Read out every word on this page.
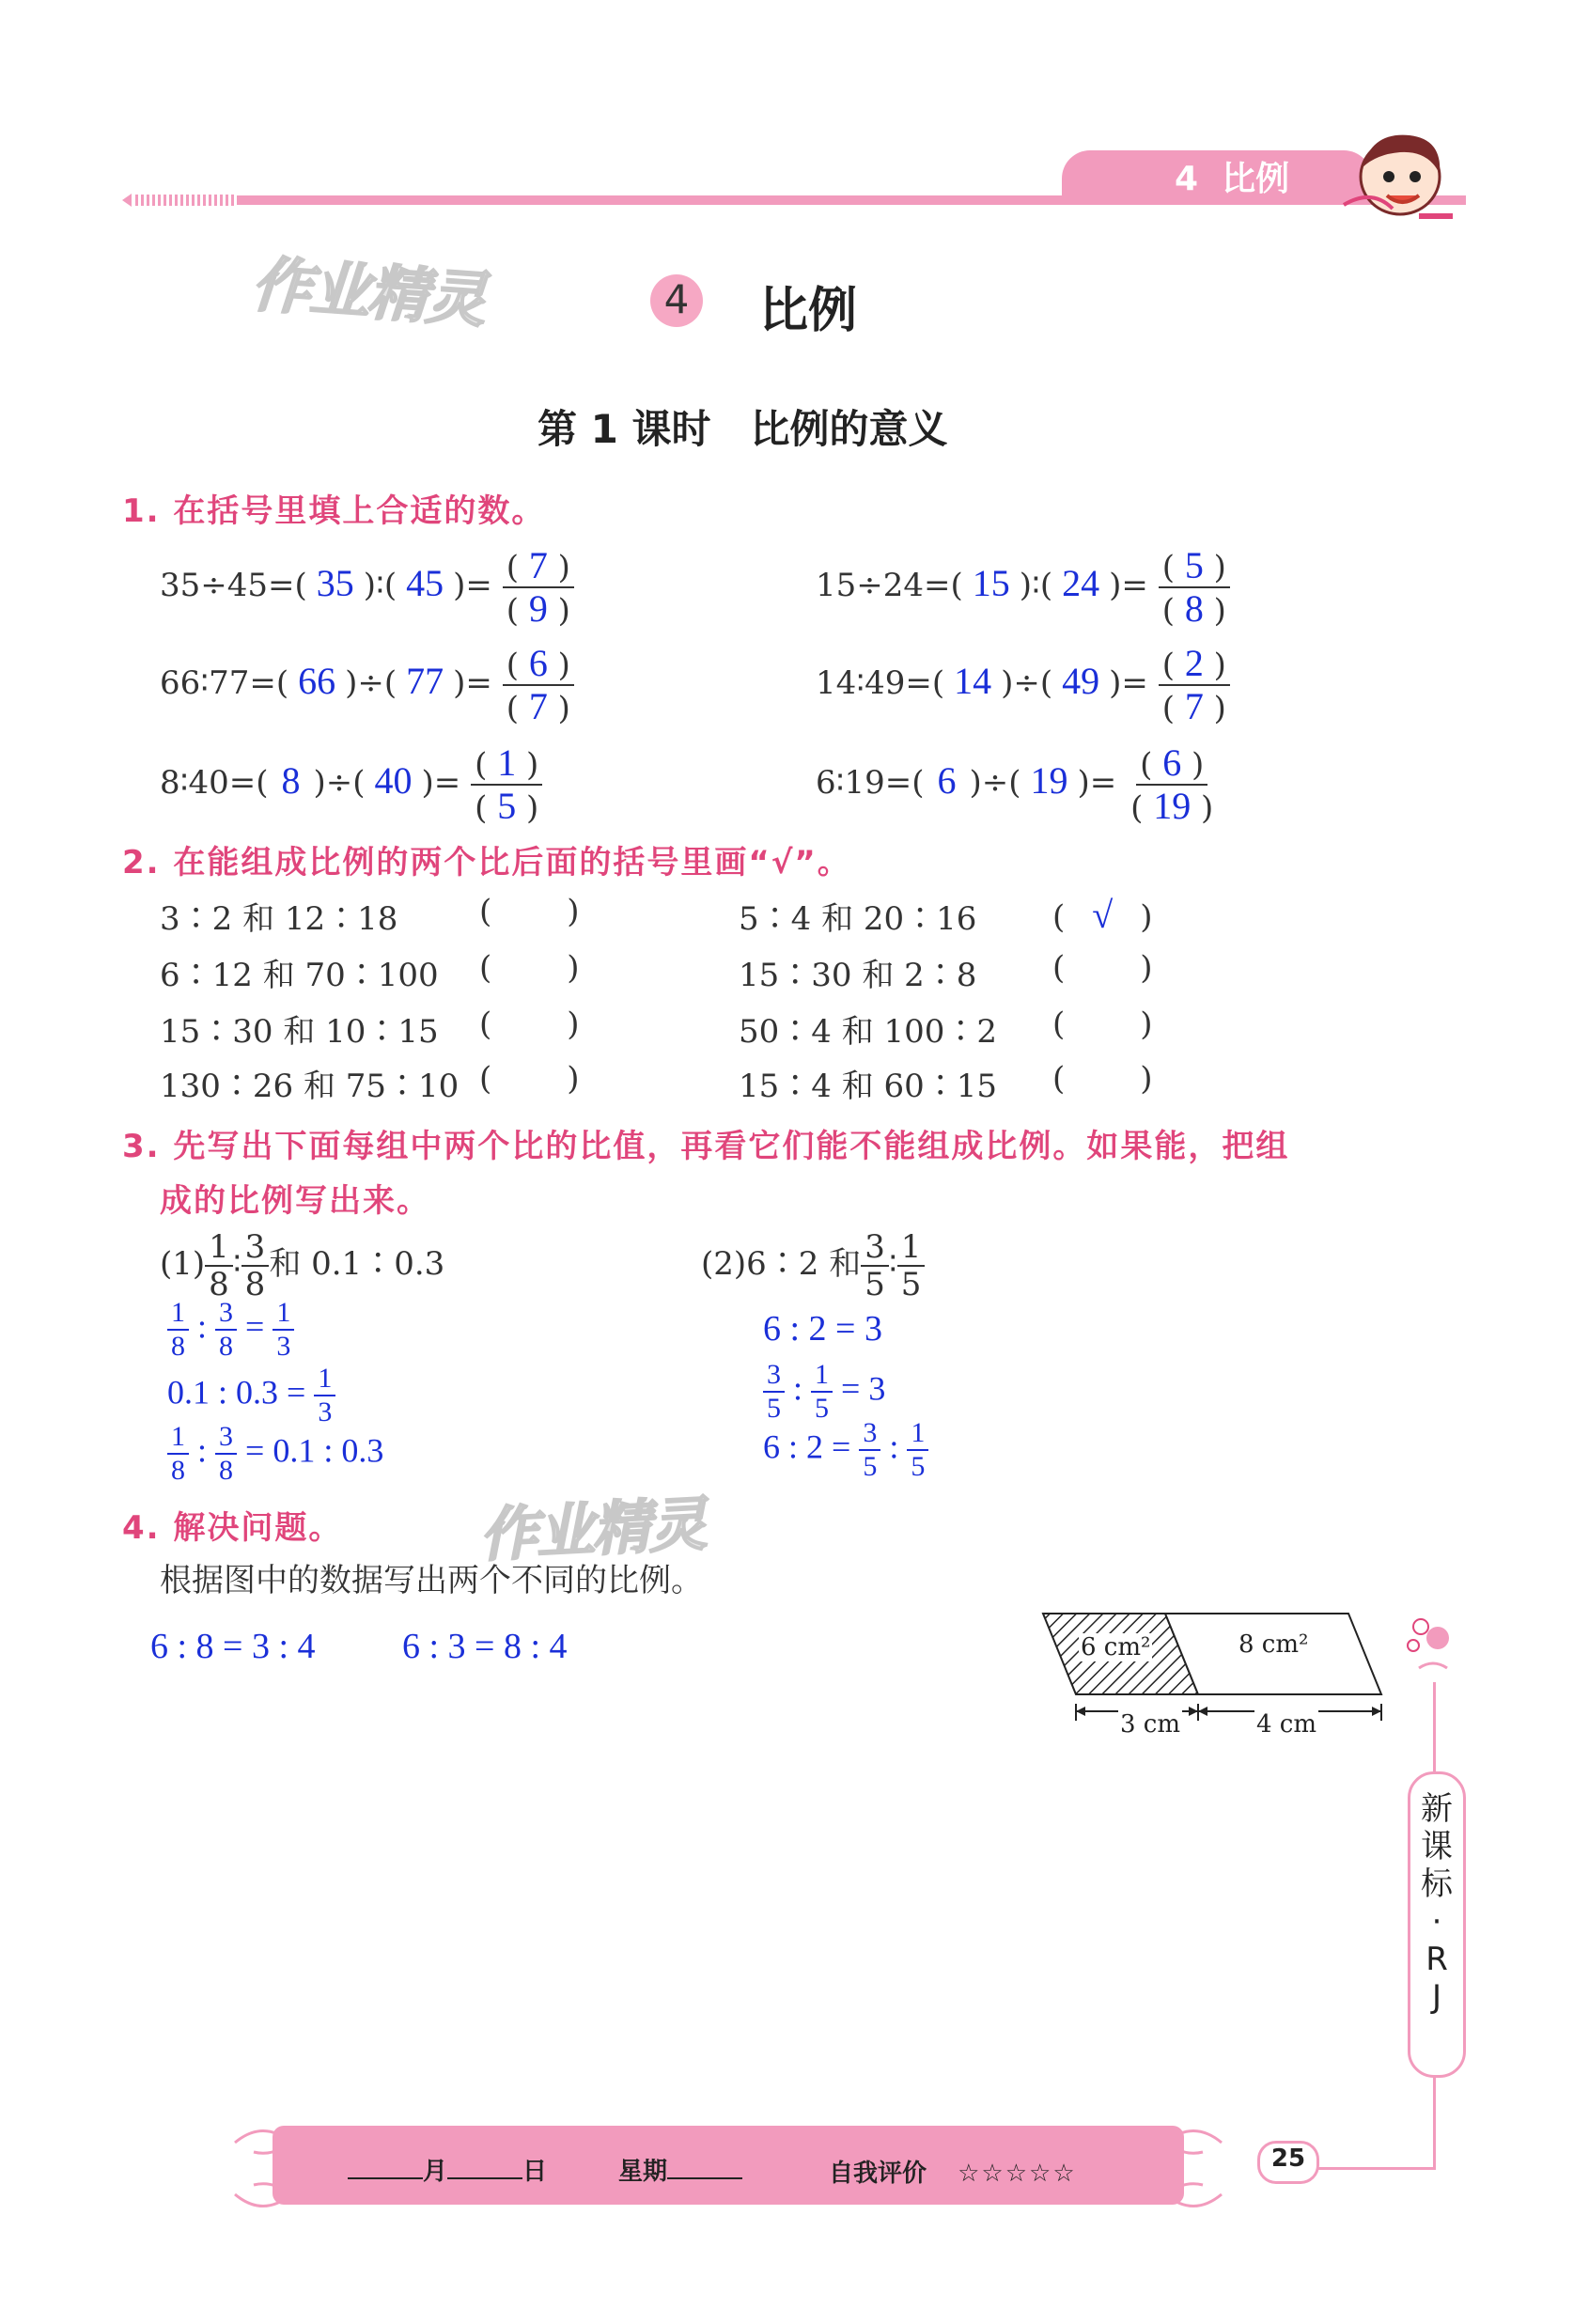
4  比例
作业精灵	4 比例
第 1 课时　比例的意义
1. 在括号里填上合适的数。
35÷45=( 35 )∶( 45 )= $\frac{( 7 )}{( 9 )}$	15÷24=( 15 )∶( 24 )= $\frac{( 5 )}{( 8 )}$
66∶77=( 66 )÷( 77 )= $\frac{( 6 )}{( 7 )}$	14∶49=( 14 )÷( 49 )= $\frac{( 2 )}{( 7 )}$
8∶40=( 8 )÷( 40 )= $\frac{( 1 )}{( 5 )}$	6∶19=( 6 )÷( 19 )= $\frac{( 6 )}{( 19 )}$
2. 在能组成比例的两个比后面的括号里画“√”。
3∶2 和 12∶18	( )	5∶4 和 20∶16 ( √ )
6∶12 和 70∶100 ( )	15∶30 和 2∶8 ( )
15∶30 和 10∶15 ( )	50∶4 和 100∶2 ( )
130∶26 和 75∶10 ( )	15∶4 和 60∶15 ( )
3. 先写出下面每组中两个比的比值，再看它们能不能组成比例。如果能，把组
成的比例写出来。
$(1) \frac{1}{8}$ ∶ $\frac{3}{8}$ 和 0.1∶0.3	(2)6∶2 和 $\frac{3}{5}$ ∶ $\frac{1}{5}$
$\frac{1}{8}$ : $\frac{3}{8} = \frac{1}{3}$
0.1 : $0.3 = \frac{1}{3}$
$\frac{1}{8}$ : $\frac{3}{8} = 0.1$ : 0.3
6 : 2 = 3
$\frac{3}{5}$ : $\frac{1}{5} = 3$
6 : $2 = \frac{3}{5}$ : $\frac{1}{5}$
作业精灵
4. 解决问题。
根据图中的数据写出两个不同的比例。
6 : 8 = 3 : 4 6 : 3 = 8 : 4	6 cm²	8 cm²
3 cm	4 cm
新
课
标
·
R
J
月	日	星期	自我评价 ☆☆☆☆☆
25
